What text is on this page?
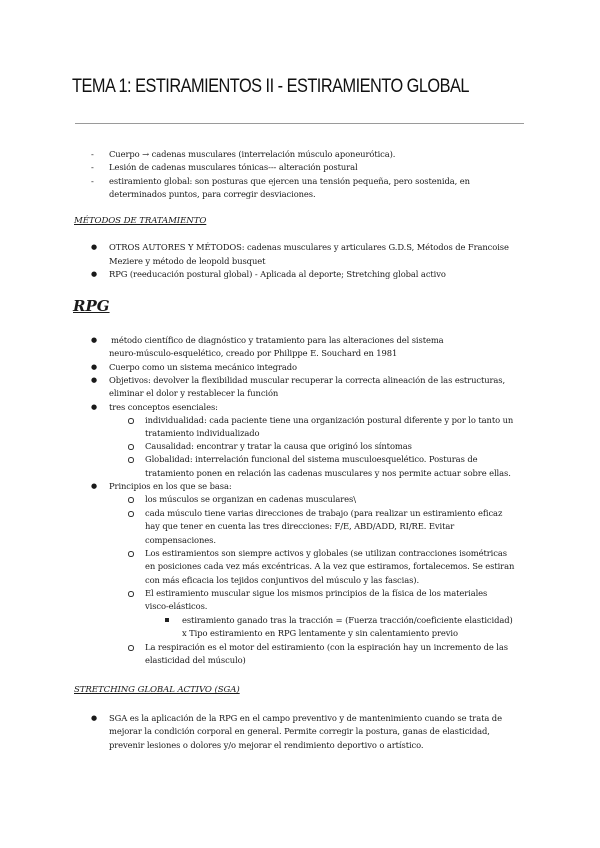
TEMA 1: ESTIRAMIENTOS II - ESTIRAMIENTO GLOBAL
- Cuerpo → cadenas musculares (interrelación músculo aponeurótica).
- Lesión de cadenas musculares tónicas--- alteración postural
- estiramiento global: son posturas que ejercen una tensión pequeña, pero sostenida, en
determinados puntos, para corregir desviaciones.
MÉTODOS DE TRATAMIENTO
● OTROS AUTORES Y MÉTODOS: cadenas musculares y articulares G.D.S, Métodos de Francoise
Meziere y método de leopold busquet
● RPG (reeducación postural global) - Aplicada al deporte; Stretching global activo
RPG
● método científico de diagnóstico y tratamiento para las alteraciones del sistema
neuro-músculo-esquelético, creado por Philippe E. Souchard en 1981
● Cuerpo como un sistema mecánico integrado
● Objetivos: devolver la flexibilidad muscular recuperar la correcta alineación de las estructuras,
eliminar el dolor y restablecer la función
● tres conceptos esenciales:
individualidad: cada paciente tiene una organización postural diferente y por lo tanto un
tratamiento individualizado
Causalidad: encontrar y tratar la causa que originó los síntomas
Globalidad: interrelación funcional del sistema musculoesquelético. Posturas de
tratamiento ponen en relación las cadenas musculares y nos permite actuar sobre ellas.
● Principios en los que se basa:
los músculos se organizan en cadenas musculares\
cada músculo tiene varias direcciones de trabajo (para realizar un estiramiento eficaz
hay que tener en cuenta las tres direcciones: F/E, ABD/ADD, RI/RE. Evitar
compensaciones.
Los estiramientos son siempre activos y globales (se utilizan contracciones isométricas
en posiciones cada vez más excéntricas. A la vez que estiramos, fortalecemos. Se estiran
con más eficacia los tejidos conjuntivos del músculo y las fascias).
El estiramiento muscular sigue los mismos principios de la física de los materiales
visco-elásticos.
estiramiento ganado tras la tracción = (Fuerza tracción/coeficiente elasticidad)
x Tipo estiramiento en RPG lentamente y sin calentamiento previo
La respiración es el motor del estiramiento (con la espiración hay un incremento de las
elasticidad del músculo)
STRETCHING GLOBAL ACTIVO (SGA)
● SGA es la aplicación de la RPG en el campo preventivo y de mantenimiento cuando se trata de
mejorar la condición corporal en general. Permite corregir la postura, ganas de elasticidad,
prevenir lesiones o dolores y/o mejorar el rendimiento deportivo o artístico.
